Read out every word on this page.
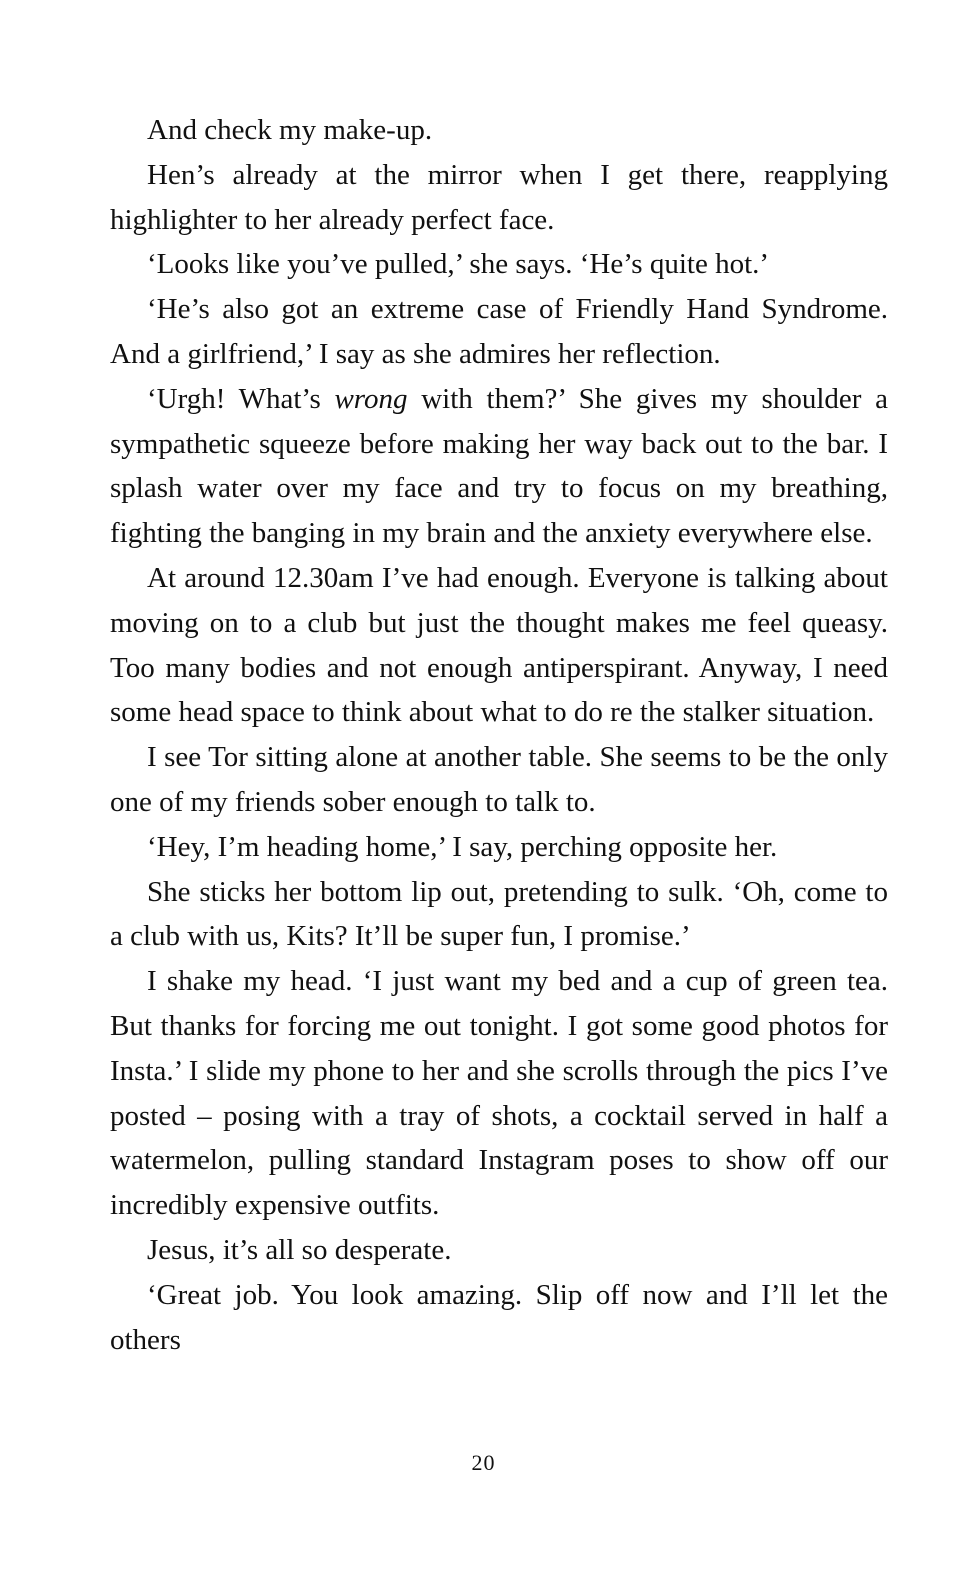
And check my make-up.

Hen’s already at the mirror when I get there, reapplying highlighter to her already perfect face.

‘Looks like you’ve pulled,’ she says. ‘He’s quite hot.’

‘He’s also got an extreme case of Friendly Hand Syndrome. And a girlfriend,’ I say as she admires her reflection.

‘Urgh! What’s wrong with them?’ She gives my shoulder a sympathetic squeeze before making her way back out to the bar. I splash water over my face and try to focus on my breathing, fighting the banging in my brain and the anxiety everywhere else.

At around 12.30am I’ve had enough. Everyone is talking about moving on to a club but just the thought makes me feel queasy. Too many bodies and not enough antiperspirant. Anyway, I need some head space to think about what to do re the stalker situation.

I see Tor sitting alone at another table. She seems to be the only one of my friends sober enough to talk to.

‘Hey, I’m heading home,’ I say, perching opposite her.

She sticks her bottom lip out, pretending to sulk. ‘Oh, come to a club with us, Kits? It’ll be super fun, I promise.’

I shake my head. ‘I just want my bed and a cup of green tea. But thanks for forcing me out tonight. I got some good photos for Insta.’ I slide my phone to her and she scrolls through the pics I’ve posted – posing with a tray of shots, a cocktail served in half a watermelon, pulling standard Instagram poses to show off our incredibly expensive outfits.

Jesus, it’s all so desperate.

‘Great job. You look amazing. Slip off now and I’ll let the others

20
